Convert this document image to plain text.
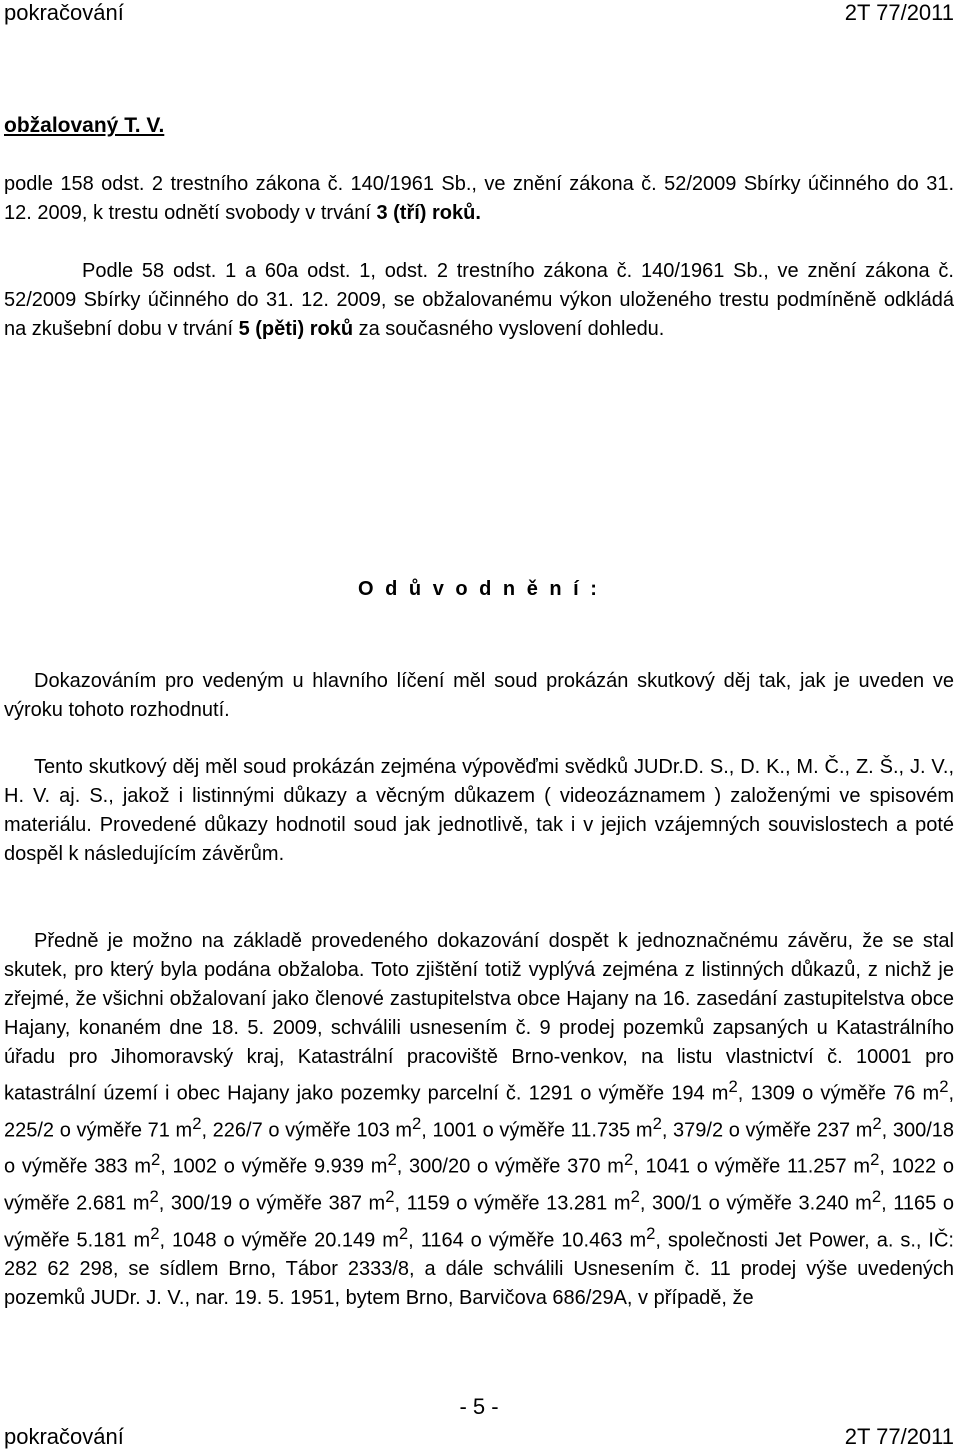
pokračování	2T 77/2011
obžalovaný T. V.
podle 158 odst. 2 trestního zákona č. 140/1961 Sb., ve znění zákona č. 52/2009 Sbírky účinného do 31. 12. 2009, k trestu odnětí svobody v trvání 3 (tří) roků.
Podle 58 odst. 1 a 60a odst. 1, odst. 2 trestního zákona č. 140/1961 Sb., ve znění zákona č. 52/2009 Sbírky účinného do 31. 12. 2009, se obžalovanému výkon uloženého trestu podmíněně odkládá na zkušební dobu v trvání 5 (pěti) roků za současného vyslovení dohledu.
O d ů v o d n ě n í :
Dokazováním pro vedeným u hlavního líčení měl soud prokázán skutkový děj tak, jak je uveden ve výroku tohoto rozhodnutí.
Tento skutkový děj měl soud prokázán zejména výpověďmi svědků JUDr.D. S., D. K., M. Č., Z. Š., J. V., H. V. aj. S., jakož i listinnými důkazy a věcným důkazem ( videozáznamem ) založenými ve spisovém materiálu. Provedené důkazy hodnotil soud jak jednotlivě, tak i v jejich vzájemných souvislostech a poté dospěl k následujícím závěrům.
Předně je možno na základě provedeného dokazování dospět k jednoznačnému závěru, že se stal skutek, pro který byla podána obžaloba. Toto zjištění totiž vyplývá zejména z listinných důkazů, z nichž je zřejmé, že všichni obžalovaní jako členové zastupitelstva obce Hajany na 16. zasedání zastupitelstva obce Hajany, konaném dne 18. 5. 2009, schválili usnesením č. 9 prodej pozemků zapsaných u Katastrálního úřadu pro Jihomoravský kraj, Katastrální pracoviště Brno-venkov, na listu vlastnictví č. 10001 pro katastrální území i obec Hajany jako pozemky parcelní č. 1291 o výměře 194 $m^2$, 1309 o výměře 76 $m^2$, 225/2 o výměře 71 $m^2$, 226/7 o výměře 103 $m^2$, 1001 o výměře 11.735 $m^2$, 379/2 o výměře 237 $m^2$, 300/18 o výměře 383 $m^2$, 1002 o výměře 9.939 $m^2$, 300/20 o výměře 370 $m^2$, 1041 o výměře 11.257 $m^2$, 1022 o výměře 2.681 $m^2$, 300/19 o výměře 387 $m^2$, 1159 o výměře 13.281 $m^2$, 300/1 o výměře 3.240 $m^2$, 1165 o výměře 5.181 $m^2$, 1048 o výměře 20.149 $m^2$, 1164 o výměře 10.463 $m^2$, společnosti Jet Power, a. s., IČ: 282 62 298, se sídlem Brno, Tábor 2333/8, a dále schválili Usnesením č. 11 prodej výše uvedených pozemků JUDr. J. V., nar. 19. 5. 1951, bytem Brno, Barvičova 686/29A, v případě, že
- 5 -
pokračování	2T 77/2011
